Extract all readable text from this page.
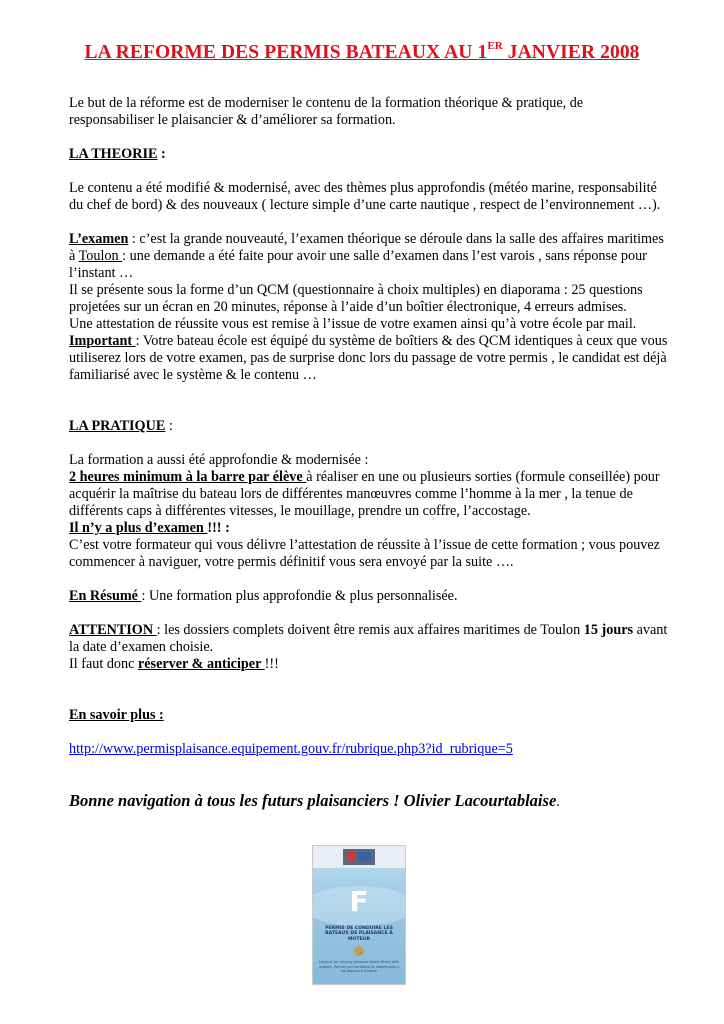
LA REFORME DES PERMIS BATEAUX AU 1ER JANVIER 2008

Le but de la réforme est de moderniser le contenu de la formation théorique & pratique, de responsabiliser le plaisancier & d’améliorer sa formation.

LA THEORIE :

Le contenu a été modifié & modernisé, avec des thèmes plus approfondis (météo marine, responsabilité du chef de bord) & des nouveaux ( lecture simple d’une carte nautique , respect de l’environnement …).

L’examen : c’est la grande nouveauté, l’examen théorique se déroule dans la salle des affaires maritimes à Toulon : une demande a été faite pour avoir une salle d’examen dans l’est varois , sans réponse pour l’instant …

Il se présente sous la forme d’un QCM (questionnaire à choix multiples) en diaporama : 25 questions projetées sur un écran en 20 minutes, réponse à l’aide d’un boîtier électronique, 4 erreurs admises.

Une attestation de réussite vous est remise à l’issue de votre examen ainsi qu’à votre école par mail.

Important : Votre bateau école est équipé du système de boîtiers & des QCM identiques à ceux que vous utiliserez lors de votre examen, pas de surprise donc lors du passage de votre permis , le candidat est déjà familiarisé avec le système & le contenu …

LA PRATIQUE :

La formation a aussi été approfondie & modernisée :

2 heures minimum à la barre par élève à réaliser en une ou plusieurs sorties (formule conseillée) pour acquérir la maîtrise du bateau lors de différentes manœuvres comme l’homme à la mer , la tenue de différents caps à différentes vitesses, le mouillage, prendre un coffre, l’accostage.

Il n’y a plus d’examen !!! :

C’est votre formateur qui vous délivre l’attestation de réussite à l’issue de cette formation ; vous pouvez commencer à naviguer, votre permis définitif vous sera envoyé par la suite ….

En Résumé : Une formation plus approfondie & plus personnalisée.

ATTENTION : les dossiers complets doivent être remis aux affaires maritimes de Toulon 15 jours avant la date d’examen choisie.

Il faut donc réserver & anticiper !!!

En savoir plus :

http://www.permisplaisance.equipement.gouv.fr/rubrique.php3?id_rubrique=5

Bonne navigation à tous les futurs plaisanciers ! Olivier Lacourtablaise.

F
PERMIS DE CONDUIRE LES BATEAUX DE PLAISANCE À MOTEUR
⚓
Licence for driving pleasure boats fitted with engine. Permis per condurre le imbarcazioni da diporto a motore
